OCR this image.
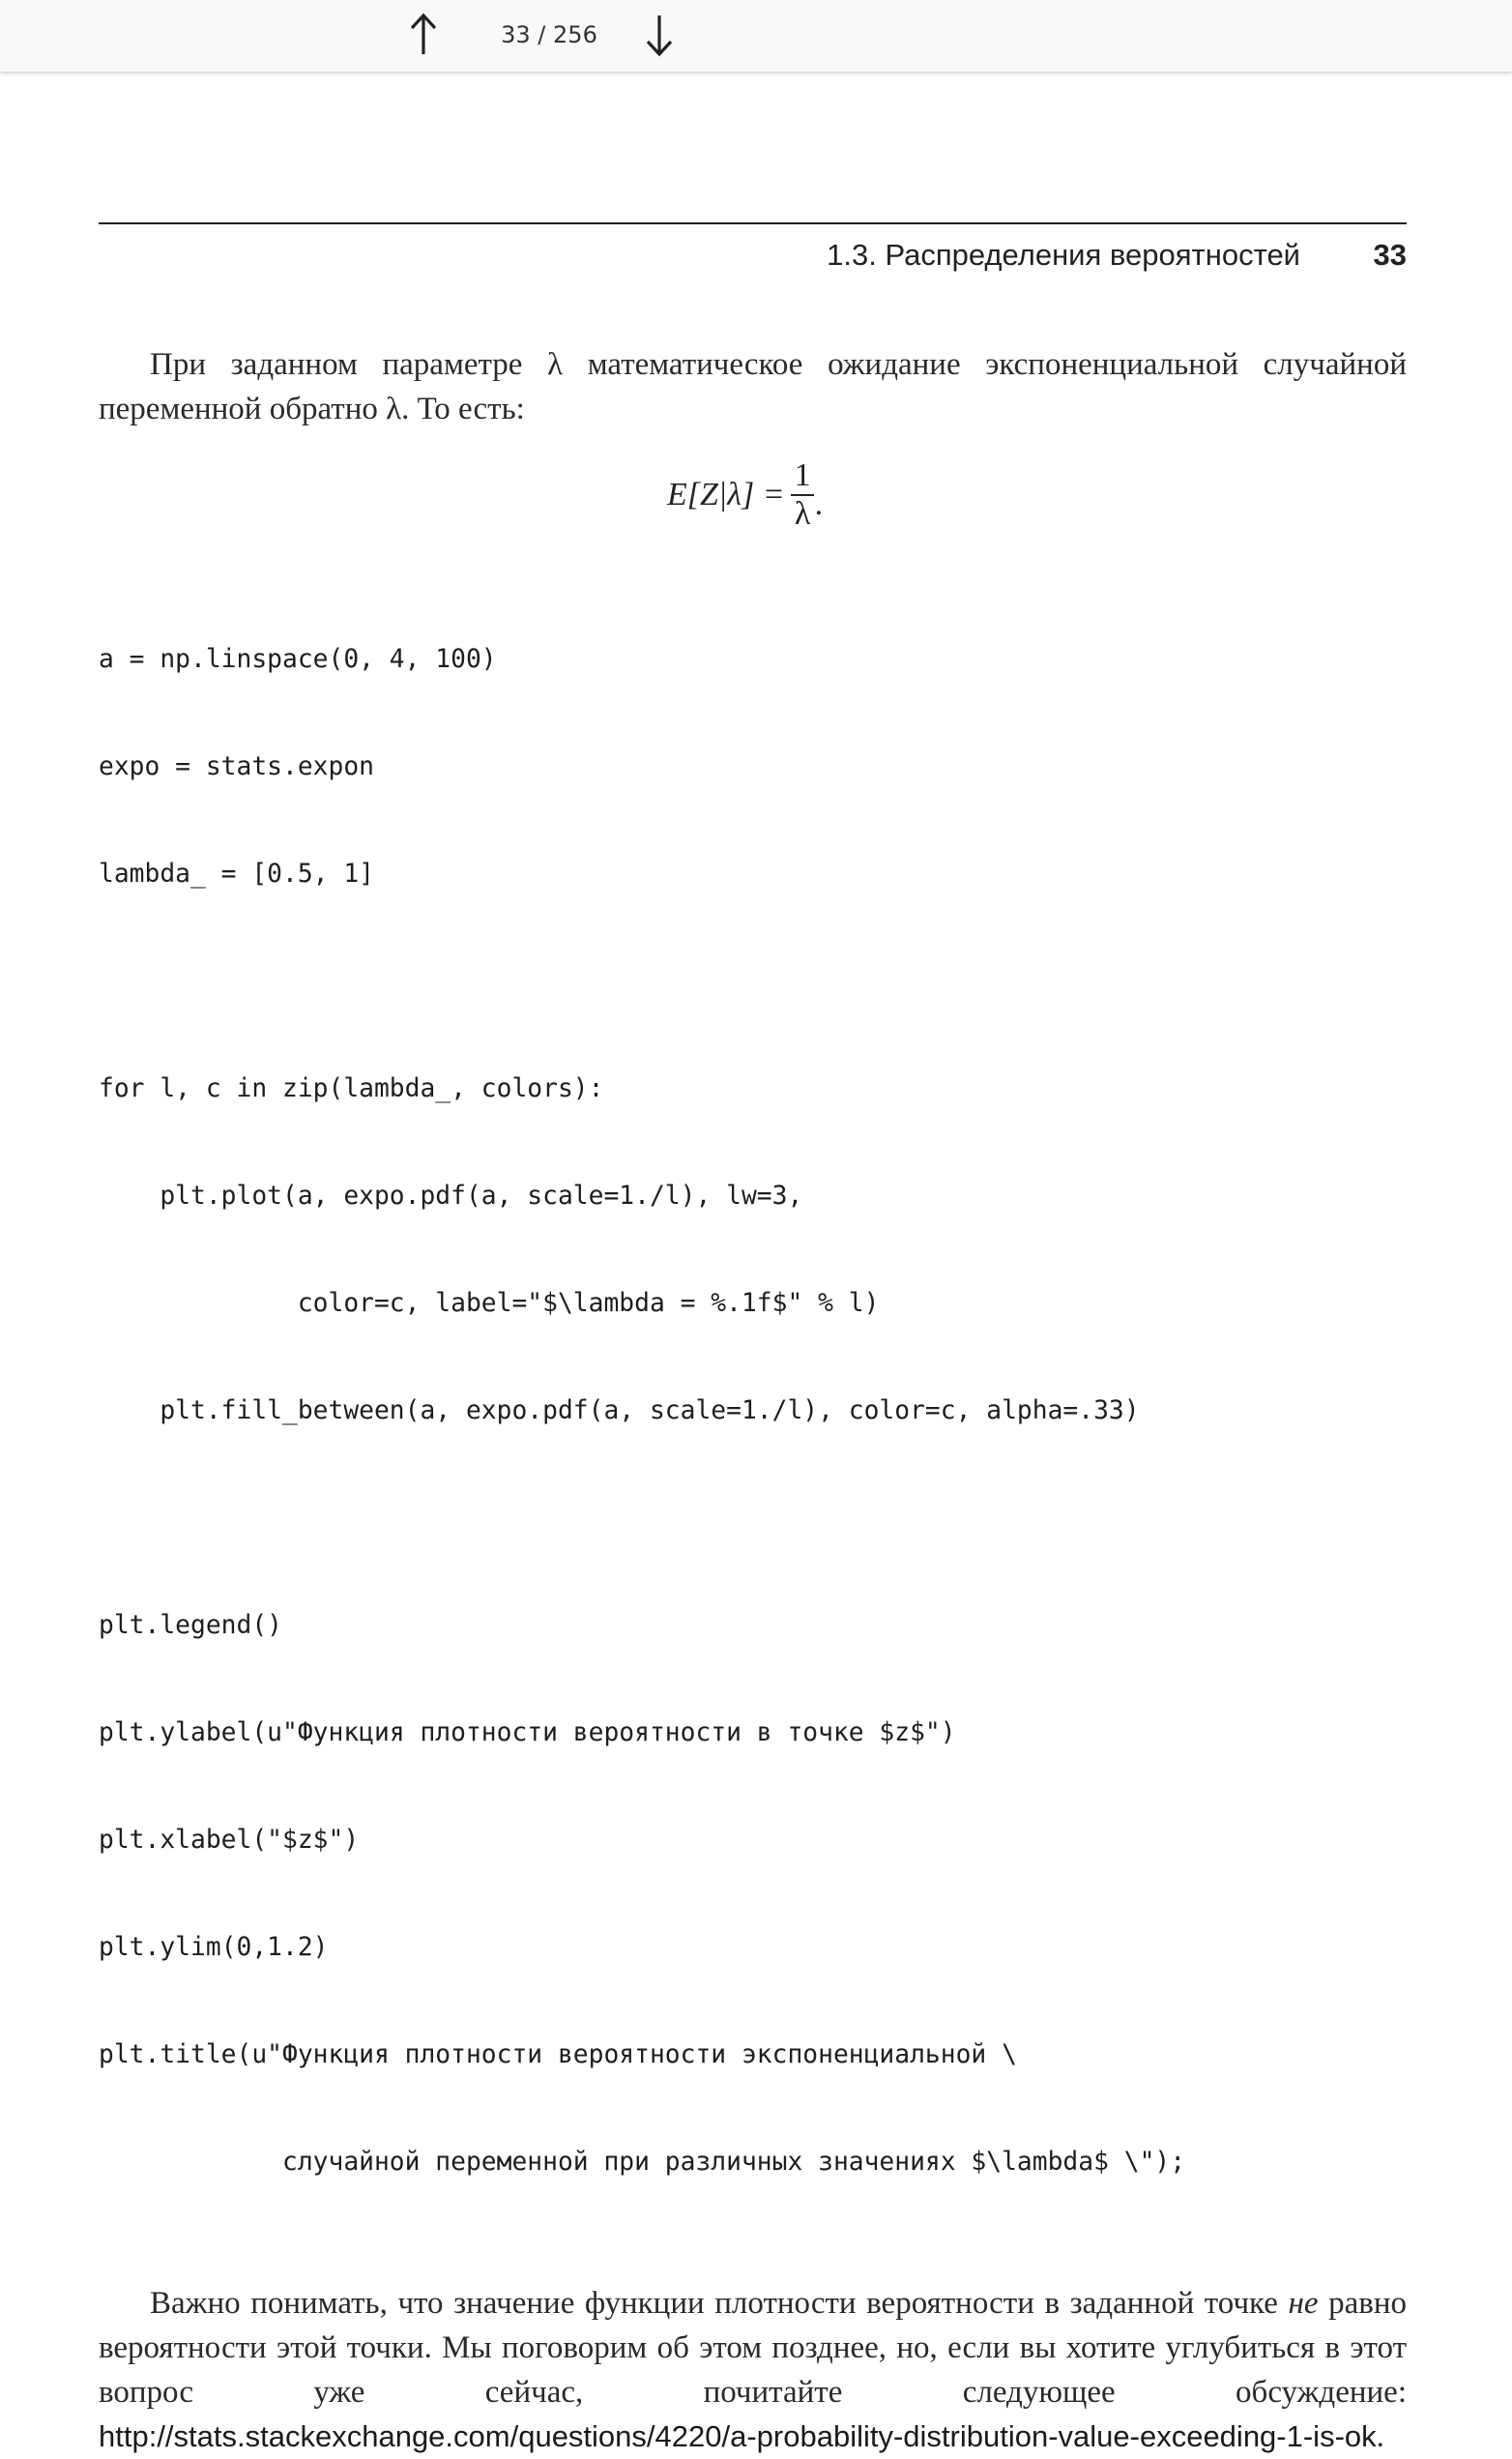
33 / 256
1.3. Распределения вероятностей 33

При заданном параметре λ математическое ожидание экспоненциальной случайной переменной обратно λ. То есть:

$E[Z|\lambda] = \frac{1}{\lambda}$ .

a = np.linspace(0, 4, 100)

expo = stats.expon

lambda_ = [0.5, 1]

for l, c in zip(lambda_, colors):

plt.plot(a, expo.pdf(a, scale=1./l), lw=3,

color=c, label="$\lambda = %.1f$" % l)

plt.fill_between(a, expo.pdf(a, scale=1./l), color=c, alpha=.33)

plt.legend()

plt.ylabel(u"Функция плотности вероятности в точке $z$")

plt.xlabel("$z$")

plt.ylim(0,1.2)

plt.title(u"Функция плотности вероятности экспоненциальной \

случайной переменной при различных значениях $\lambda$ \");

Важно понимать, что значение функции плотности вероятности в заданной точке не равно вероятности этой точки. Мы поговорим об этом позднее, но, если вы хотите углубиться в этот вопрос уже сейчас, почитайте следующее обсуждение: http://stats.stackexchange.com/questions/4220/a-probability-distribution-value-exceeding-1-is-ok.
